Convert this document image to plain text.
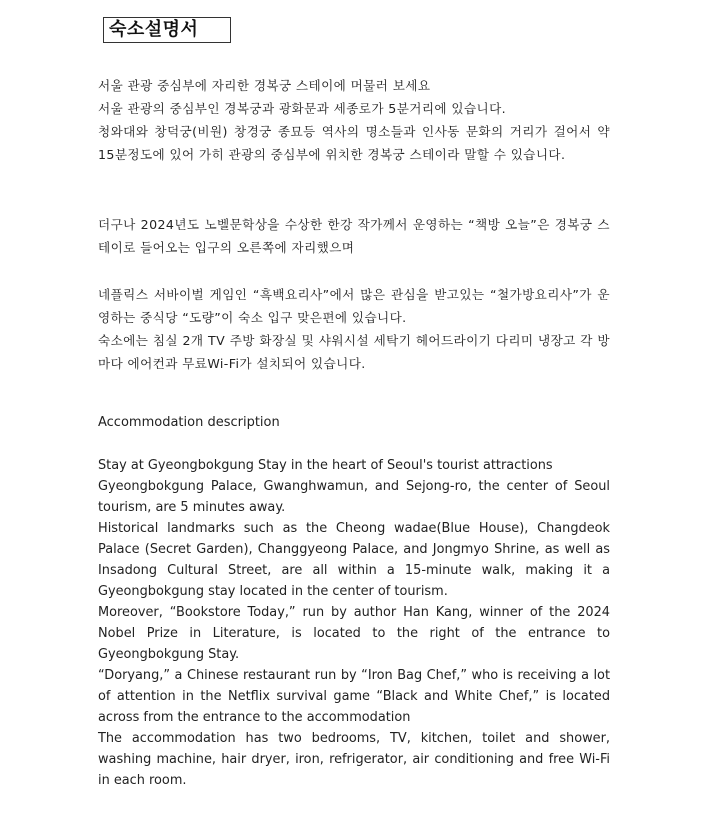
숙소설명서

서울 관광 중심부에 자리한 경복궁 스테이에 머물러 보세요

서울 관광의 중심부인 경복궁과 광화문과 세종로가 5분거리에 있습니다.

청와대와 창덕궁(비원) 창경궁 종묘등 역사의 명소들과 인사동 문화의 거리가 걸어서 약 15분정도에 있어 가히 관광의 중심부에 위치한 경복궁 스테이라 말할 수 있습니다.

더구나 2024년도 노벨문학상을 수상한 한강 작가께서 운영하는 “책방 오늘”은 경복궁 스테이로 들어오는 입구의 오른쪽에 자리했으며

네플릭스 서바이벌 게임인 “흑백요리사”에서 많은 관심을 받고있는 “철가방요리사”가 운영하는 중식당 “도량”이 숙소 입구 맞은편에 있습니다.

숙소에는 침실 2개 TV 주방 화장실 및 샤워시설 세탁기 헤어드라이기 다리미 냉장고 각 방마다 에어컨과 무료Wi-Fi가 설치되어 있습니다.

Accommodation description

Stay at Gyeongbokgung Stay in the heart of Seoul's tourist attractions

Gyeongbokgung Palace, Gwanghwamun, and Sejong-ro, the center of Seoul tourism, are 5 minutes away.

Historical landmarks such as the Cheong wadae(Blue House), Changdeok Palace (Secret Garden), Changgyeong Palace, and Jongmyo Shrine, as well as Insadong Cultural Street, are all within a 15-minute walk, making it a Gyeongbokgung stay located in the center of tourism.

Moreover, “Bookstore Today,” run by author Han Kang, winner of the 2024 Nobel Prize in Literature, is located to the right of the entrance to Gyeongbokgung Stay.

“Doryang,” a Chinese restaurant run by “Iron Bag Chef,” who is receiving a lot of attention in the Netflix survival game “Black and White Chef,” is located across from the entrance to the accommodation

The accommodation has two bedrooms, TV, kitchen, toilet and shower, washing machine, hair dryer, iron, refrigerator, air conditioning and free Wi-Fi in each room.
